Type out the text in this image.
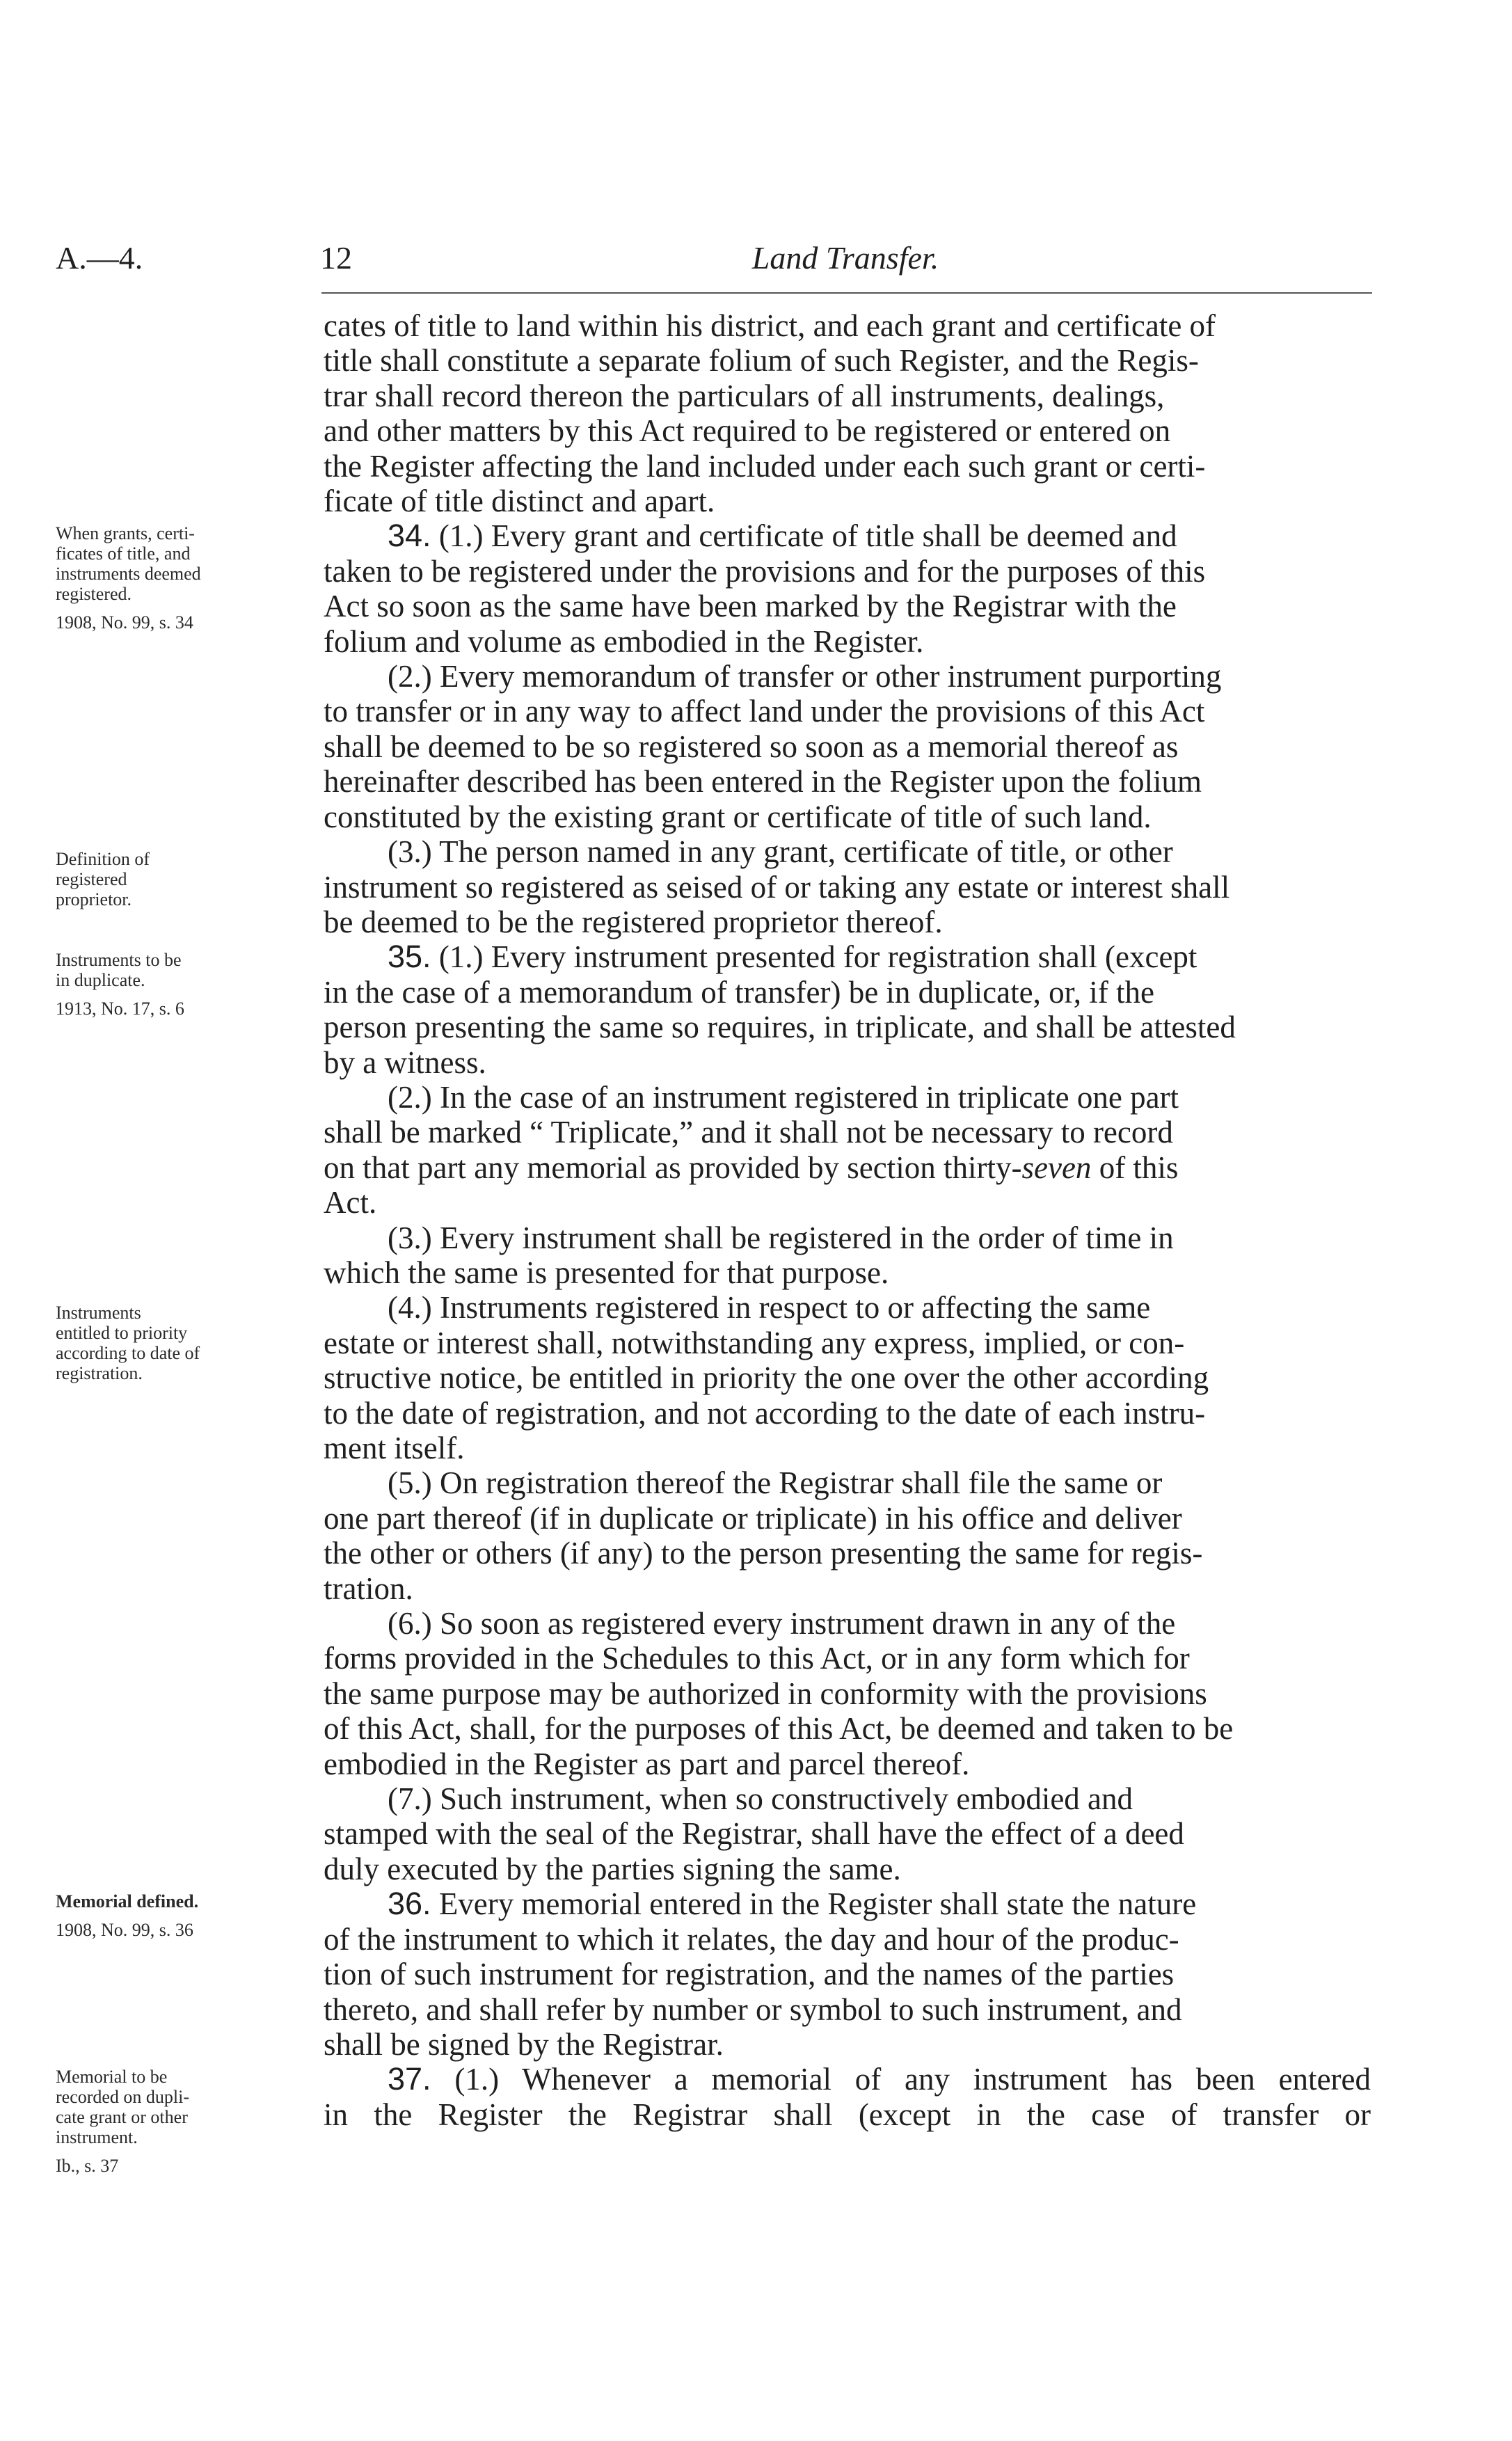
A.—4.	Land Transfer.
12

cates of title to land within his district, and each grant and certificate of
title shall constitute a separate folium of such Register, and the Regis-
trar shall record thereon the particulars of all instruments, dealings,
and other matters by this Act required to be registered or entered on
the Register affecting the land included under each such grant or certi-
ficate of title distinct and apart.

34. (1.) Every grant and certificate of title shall be deemed and
taken to be registered under the provisions and for the purposes of this
Act so soon as the same have been marked by the Registrar with the
folium and volume as embodied in the Register.

(2.) Every memorandum of transfer or other instrument purporting
to transfer or in any way to affect land under the provisions of this Act
shall be deemed to be so registered so soon as a memorial thereof as
hereinafter described has been entered in the Register upon the folium
constituted by the existing grant or certificate of title of such land.

(3.) The person named in any grant, certificate of title, or other
instrument so registered as seised of or taking any estate or interest shall
be deemed to be the registered proprietor thereof.

35. (1.) Every instrument presented for registration shall (except
in the case of a memorandum of transfer) be in duplicate, or, if the
person presenting the same so requires, in triplicate, and shall be attested
by a witness.

(2.) In the case of an instrument registered in triplicate one part
shall be marked “ Triplicate,” and it shall not be necessary to record
on that part any memorial as provided by section thirty-seven of this
Act.

(3.) Every instrument shall be registered in the order of time in
which the same is presented for that purpose.

(4.) Instruments registered in respect to or affecting the same
estate or interest shall, notwithstanding any express, implied, or con-
structive notice, be entitled in priority the one over the other according
to the date of registration, and not according to the date of each instru-
ment itself.

(5.) On registration thereof the Registrar shall file the same or
one part thereof (if in duplicate or triplicate) in his office and deliver
the other or others (if any) to the person presenting the same for regis-
tration.

(6.) So soon as registered every instrument drawn in any of the
forms provided in the Schedules to this Act, or in any form which for
the same purpose may be authorized in conformity with the provisions
of this Act, shall, for the purposes of this Act, be deemed and taken to be
embodied in the Register as part and parcel thereof.

(7.) Such instrument, when so constructively embodied and
stamped with the seal of the Registrar, shall have the effect of a deed
duly executed by the parties signing the same.

36. Every memorial entered in the Register shall state the nature
of the instrument to which it relates, the day and hour of the produc-
tion of such instrument for registration, and the names of the parties
thereto, and shall refer by number or symbol to such instrument, and
shall be signed by the Registrar.

37. (1.) Whenever a memorial of any instrument has been entered
in the Register the Registrar shall (except in the case of transfer or

When grants, certi-
ficates of title, and
instruments deemed
registered.
1908, No. 99, s. 34
Definition of
registered
proprietor.
Instruments to be
in duplicate.
1913, No. 17, s. 6
Instruments
entitled to priority
according to date of
registration.
Memorial defined.
1908, No. 99, s. 36
Memorial to be
recorded on dupli-
cate grant or other
instrument.
Ib., s. 37
